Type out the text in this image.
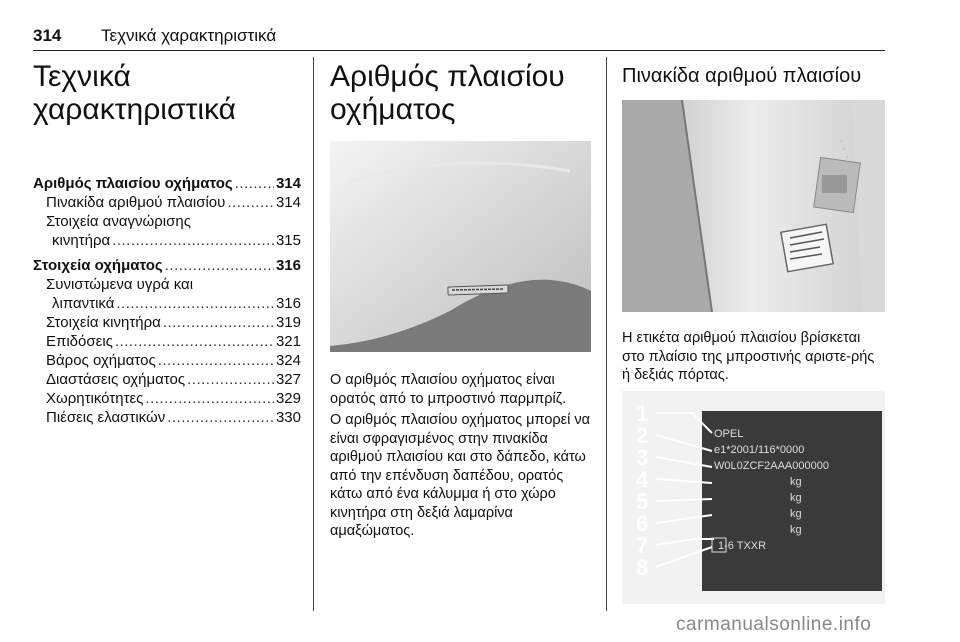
314 Τεχνικά χαρακτηριστικά
Τεχνικά χαρακτηριστικά
Αριθμός πλαισίου οχήματος .....	314
Πινακίδα αριθμού πλαισίου .....	314
Στοιχεία αναγνώρισης
κινητήρα .....	315
Στοιχεία οχήματος .....	316
Συνιστώμενα υγρά και
λιπαντικά .....	316
Στοιχεία κινητήρα .....	319
Επιδόσεις .....	321
Βάρος οχήματος .....	324
Διαστάσεις οχήματος .....	327
Χωρητικότητες .....	329
Πιέσεις ελαστικών .....	330
Αριθμός πλαισίου οχήματος

Ο αριθμός πλαισίου οχήματος είναι ορατός από το μπροστινό παρμπρίζ.

Ο αριθμός πλαισίου οχήματος μπορεί να είναι σφραγισμένος στην πινακίδα αριθμού πλαισίου και στο δάπεδο, κάτω από την επένδυση δαπέδου, ορατός κάτω από ένα κάλυμμα ή στο χώρο κινητήρα στη δεξιά λαμαρίνα αμαξώματος.

Πινακίδα αριθμού πλαισίου
· · · ·

Η ετικέτα αριθμού πλαισίου βρίσκεται στο πλαίσιο της μπροστινής αριστε-ρής ή δεξιάς πόρτας.

1
2
3
4
5
6
7
8
OPEL
e1*2001/116*0000
W0L0ZCF2AAA000000
kg
kg
kg
kg
1-6 TXXR
carmanualsonline.info
